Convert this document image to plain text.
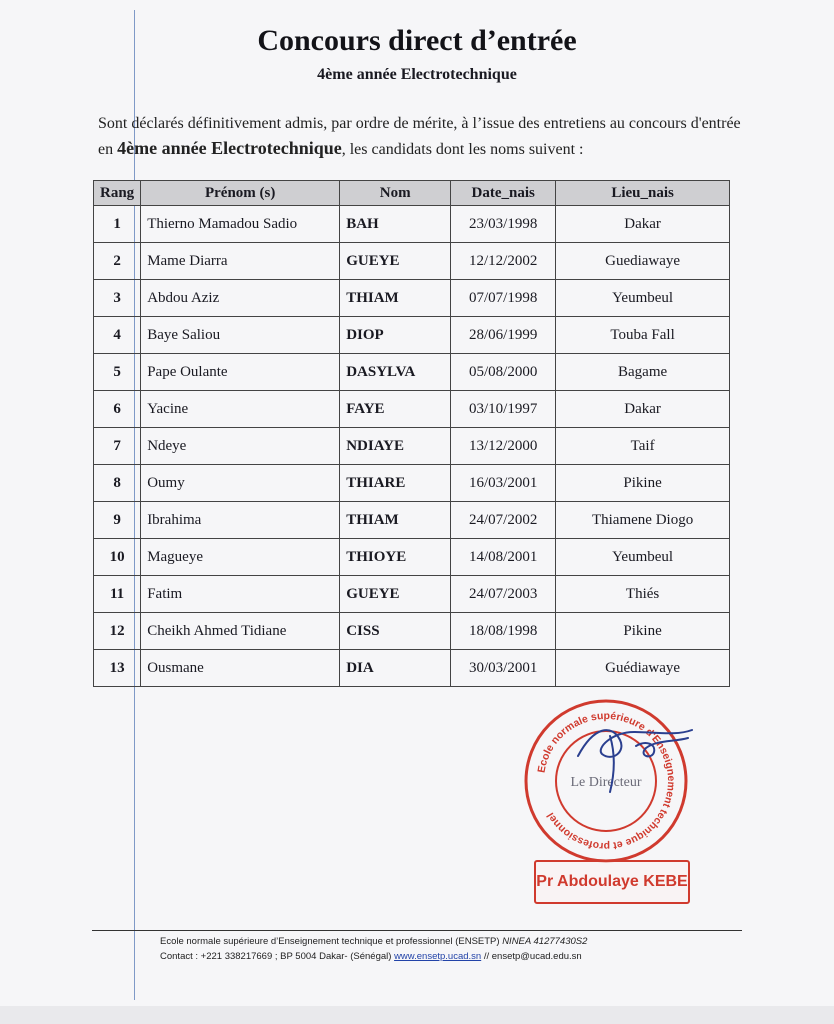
Concours direct d’entrée
4ème année Electrotechnique
Sont déclarés définitivement admis, par ordre de mérite, à l’issue des entretiens au concours d'entrée en 4ème année Electrotechnique, les candidats dont les noms suivent :
Rang	Prénom (s)	Nom	Date_nais	Lieu_nais
1	Thierno Mamadou Sadio	BAH	23/03/1998	Dakar
2	Mame Diarra	GUEYE	12/12/2002	Guediawaye
3	Abdou Aziz	THIAM	07/07/1998	Yeumbeul
4	Baye Saliou	DIOP	28/06/1999	Touba Fall
5	Pape Oulante	DASYLVA	05/08/2000	Bagame
6	Yacine	FAYE	03/10/1997	Dakar
7	Ndeye	NDIAYE	13/12/2000	Taif
8	Oumy	THIARE	16/03/2001	Pikine
9	Ibrahima	THIAM	24/07/2002	Thiamene Diogo
10	Magueye	THIOYE	14/08/2001	Yeumbeul
11	Fatim	GUEYE	24/07/2003	Thiés
12	Cheikh Ahmed Tidiane	CISS	18/08/1998	Pikine
13	Ousmane	DIA	30/03/2001	Guédiawaye
Ecole normale supérieure d'Enseignement technique et professionnel
Le Directeur
Pr Abdoulaye KEBE
Ecole normale supérieure d’Enseignement technique et professionnel (ENSETP) NINEA 41277430S2
Contact : +221 338217669 ; BP 5004 Dakar- (Sénégal) www.ensetp.ucad.sn // ensetp@ucad.edu.sn
